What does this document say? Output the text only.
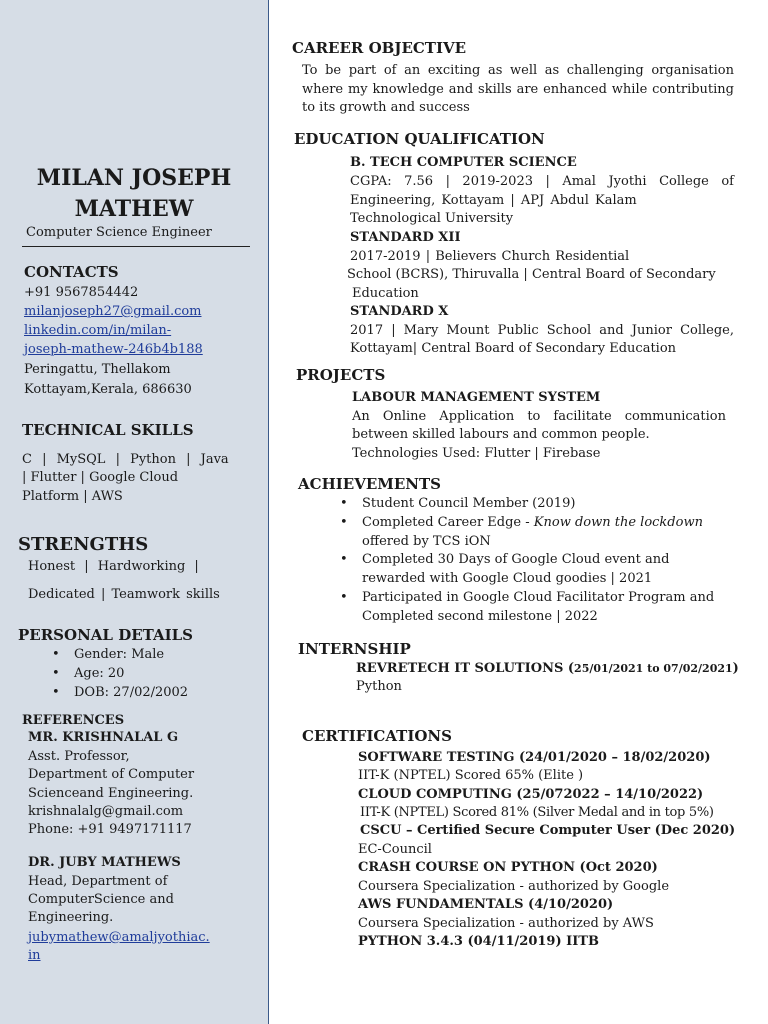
MILAN JOSEPH
MATHEW
Computer Science Engineer
CONTACTS
+91 9567854442
milanjoseph27@gmail.com
linkedin.com/in/milan-
joseph-mathew-246b4b188
Peringattu, Thellakom
Kottayam,Kerala, 686630
TECHNICAL SKILLS
C | MySQL | Python | Java
| Flutter | Google Cloud
Platform | AWS
STRENGTHS
Honest | Hardworking |
Dedicated | Teamwork skills
PERSONAL DETAILS
• Gender: Male
• Age: 20
• DOB: 27/02/2002
REFERENCES
MR. KRISHNALAL G
Asst. Professor,
Department of Computer
Scienceand Engineering.
krishnalalg@gmail.com
Phone: +91 9497171117
DR. JUBY MATHEWS
Head, Department of
ComputerScience and
Engineering.
jubymathew@amaljyothiac.
in
CAREER OBJECTIVE
To be part of an exciting as well as challenging organisation where my knowledge and skills are enhanced while contributing to its growth and success
EDUCATION QUALIFICATION
B. TECH COMPUTER SCIENCE
CGPA: 7.56 | 2019-2023 | Amal Jyothi College of
Engineering, Kottayam | APJ Abdul Kalam
Technological University
STANDARD XII
2017-2019 | Believers Church Residential
School (BCRS), Thiruvalla | Central Board of Secondary
Education
STANDARD X
2017 | Mary Mount Public School and Junior College,
Kottayam| Central Board of Secondary Education
PROJECTS
LABOUR MANAGEMENT SYSTEM
An Online Application to facilitate communication
between skilled labours and common people.
Technologies Used: Flutter | Firebase
ACHIEVEMENTS
• Student Council Member (2019)
• Completed Career Edge - Know down the lockdown
offered by TCS iON
• Completed 30 Days of Google Cloud event and
rewarded with Google Cloud goodies | 2021
• Participated in Google Cloud Facilitator Program and
Completed second milestone | 2022
INTERNSHIP
REVRETECH IT SOLUTIONS (25/01/2021 to 07/02/2021)
Python
CERTIFICATIONS
SOFTWARE TESTING (24/01/2020 – 18/02/2020)
IIT-K (NPTEL) Scored 65% (Elite )
CLOUD COMPUTING (25/072022 – 14/10/2022)
IIT-K (NPTEL) Scored 81% (Silver Medal and in top 5%)
CSCU – Certified Secure Computer User (Dec 2020)
EC-Council
CRASH COURSE ON PYTHON (Oct 2020)
Coursera Specialization - authorized by Google
AWS FUNDAMENTALS (4/10/2020)
Coursera Specialization - authorized by AWS
PYTHON 3.4.3 (04/11/2019) IITB
